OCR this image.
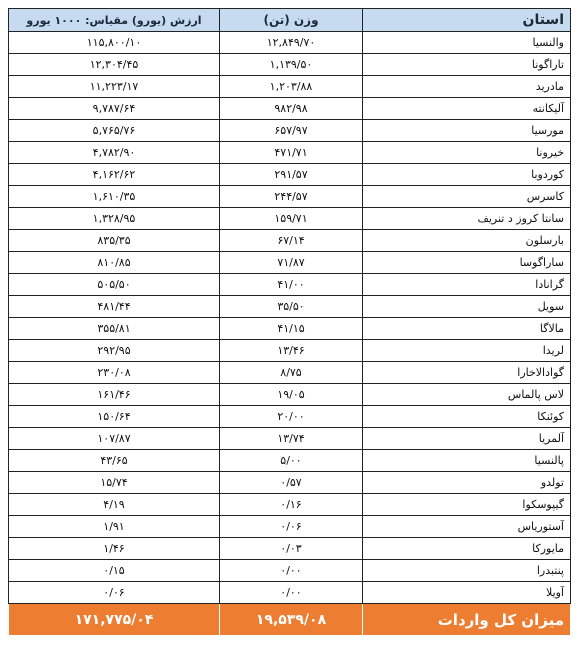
استان	وزن (تن)	ارزش (یورو) مقیاس: ۱۰۰۰ یورو
والنسیا	۱۲,۸۴۹/۷۰	۱۱۵,۸۰۰/۱۰
تاراگونا	۱,۱۳۹/۵۰	۱۲,۳۰۴/۴۵
مادرید	۱,۲۰۳/۸۸	۱۱,۲۲۳/۱۷
آلیکانته	۹۸۲/۹۸	۹,۷۸۷/۶۴
مورسیا	۶۵۷/۹۷	۵,۷۶۵/۷۶
خیرونا	۴۷۱/۷۱	۴,۷۸۲/۹۰
کوردوبا	۲۹۱/۵۷	۴,۱۶۲/۶۲
کاسرس	۲۴۴/۵۷	۱,۶۱۰/۳۵
سانتا کروز د تنریف	۱۵۹/۷۱	۱,۳۲۸/۹۵
بارسلون	۶۷/۱۴	۸۳۵/۳۵
ساراگوسا	۷۱/۸۷	۸۱۰/۸۵
گرانادا	۴۱/۰۰	۵۰۵/۵۰
سویل	۳۵/۵۰	۴۸۱/۴۴
مالاگا	۴۱/۱۵	۳۵۵/۸۱
لریدا	۱۳/۴۶	۲۹۲/۹۵
گوادالاخارا	۸/۷۵	۲۳۰/۰۸
لاس پالماس	۱۹/۰۵	۱۶۱/۴۶
کوئنکا	۲۰/۰۰	۱۵۰/۶۴
آلمریا	۱۳/۷۴	۱۰۷/۸۷
پالنسیا	۵/۰۰	۴۳/۶۵
تولدو	۰/۵۷	۱۵/۷۴
گیپوسکوا	۰/۱۶	۴/۱۹
آستوریاس	۰/۰۶	۱/۹۱
مایورکا	۰/۰۳	۱/۴۶
پنتبدرا	۰/۰۰	۰/۱۵
آویلا	۰/۰۰	۰/۰۶
میزان کل واردات	۱۹,۵۳۹/۰۸	۱۷۱,۷۷۵/۰۴
